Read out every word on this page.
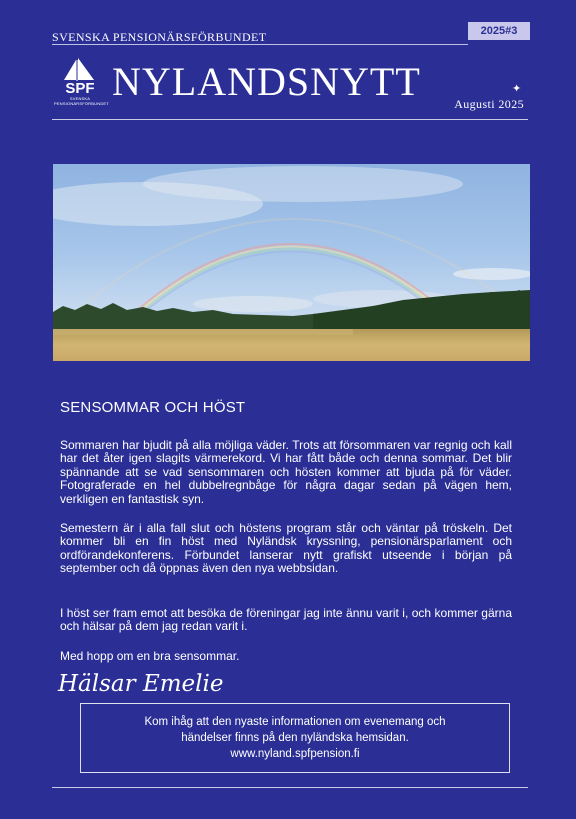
SVENSKA PENSIONÄRSFÖRBUNDET	2025#3
SPF
SVENSKA PENSIONÄRSFÖRBUNDET NYLANDSNYTT	✦
Augusti 2025
SENSOMMAR OCH HÖST
Sommaren har bjudit på alla möjliga väder. Trots att försommaren var regnig och kall har det åter igen slagits värmerekord. Vi har fått både och denna sommar. Det blir spännande att se vad sensommaren och hösten kommer att bjuda på för väder. Fotograferade en hel dubbelregnbåge för några dagar sedan på vägen hem, verkligen en fantastisk syn.
Semestern är i alla fall slut och höstens program står och väntar på tröskeln. Det kommer bli en fin höst med Nyländsk kryssning, pensionärsparlament och ordförandekonferens. Förbundet lanserar nytt grafiskt utseende i början på september och då öppnas även den nya webbsidan.
I höst ser fram emot att besöka de föreningar jag inte ännu varit i, och kommer gärna och hälsar på dem jag redan varit i.
Med hopp om en bra sensommar.
Hälsar Emelie
Kom ihåg att den nyaste informationen om evenemang och
händelser finns på den nyländska hemsidan.
www.nyland.spfpension.fi
